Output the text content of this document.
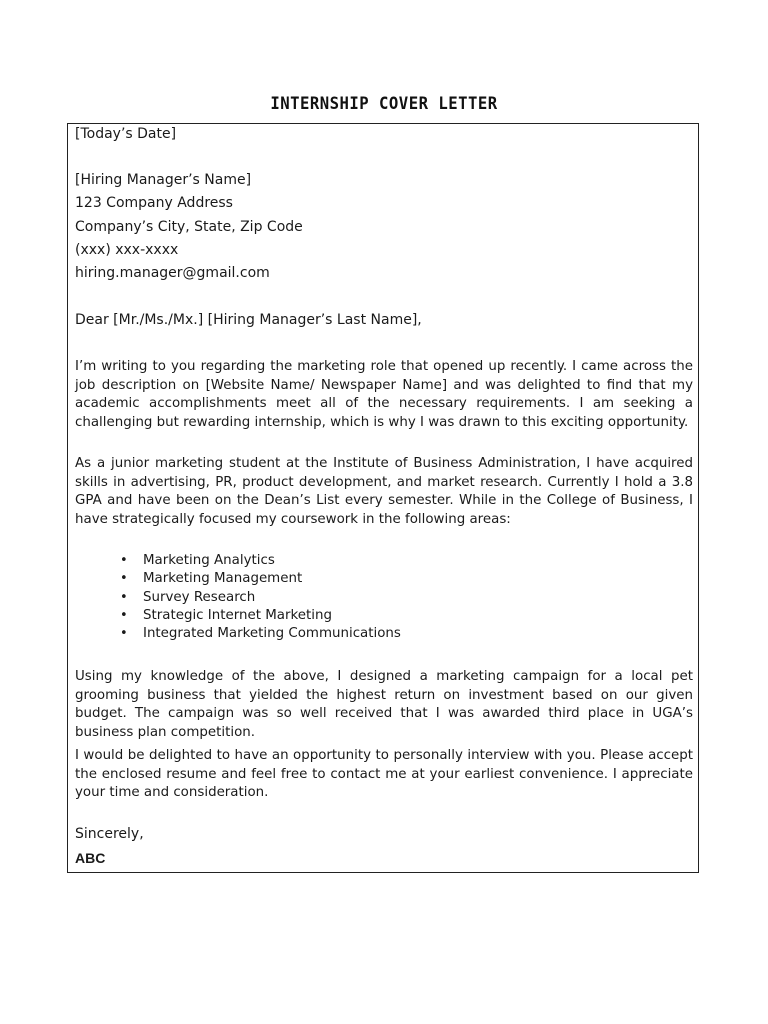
INTERNSHIP COVER LETTER
[Today’s Date]
[Hiring Manager’s Name]
123 Company Address
Company’s City, State, Zip Code
(xxx) xxx-xxxx
hiring.manager@gmail.com
Dear [Mr./Ms./Mx.] [Hiring Manager’s Last Name],
I’m writing to you regarding the marketing role that opened up recently. I came across the job description on [Website Name/ Newspaper Name] and was delighted to find that my academic accomplishments meet all of the necessary requirements. I am seeking a challenging but rewarding internship, which is why I was drawn to this exciting opportunity.
As a junior marketing student at the Institute of Business Administration, I have acquired skills in advertising, PR, product development, and market research. Currently I hold a 3.8 GPA and have been on the Dean’s List every semester. While in the College of Business, I have strategically focused my coursework in the following areas:
• Marketing Analytics
• Marketing Management
• Survey Research
• Strategic Internet Marketing
• Integrated Marketing Communications
Using my knowledge of the above, I designed a marketing campaign for a local pet grooming business that yielded the highest return on investment based on our given budget. The campaign was so well received that I was awarded third place in UGA’s business plan competition.
I would be delighted to have an opportunity to personally interview with you. Please accept the enclosed resume and feel free to contact me at your earliest convenience. I appreciate your time and consideration.
Sincerely,
ABC
